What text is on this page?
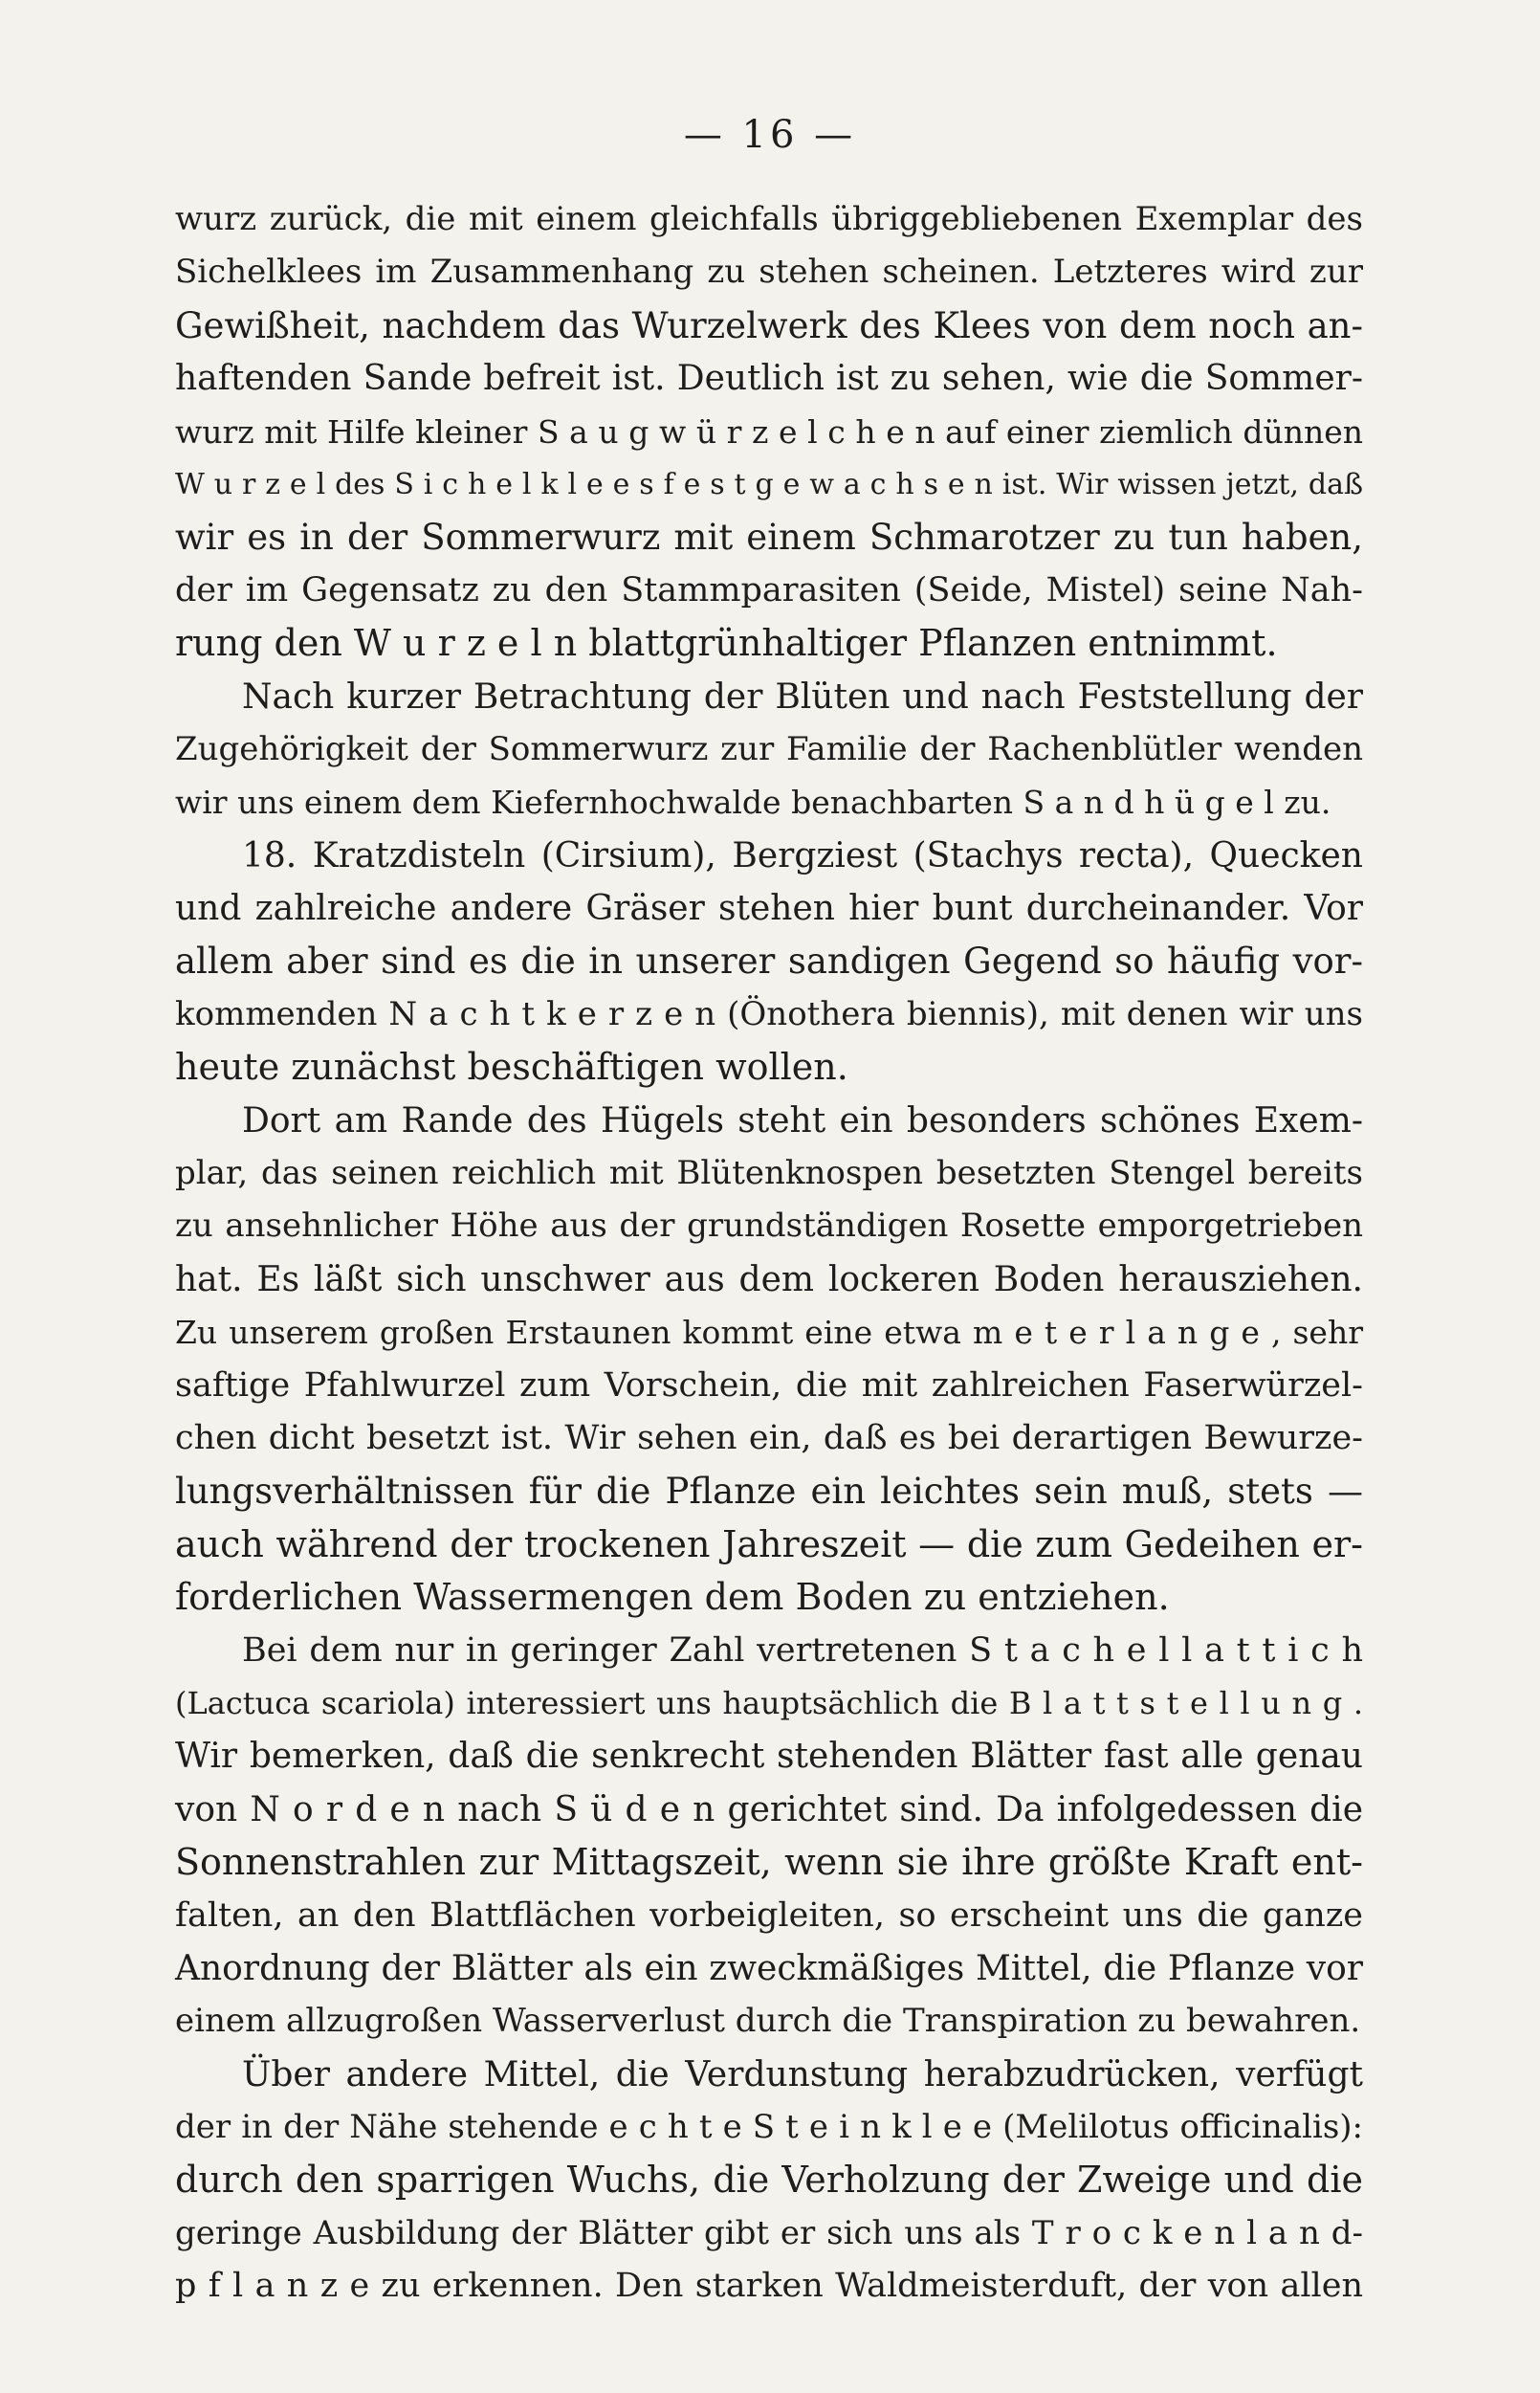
— 16 —
wurz zurück, die mit einem gleichfalls übriggebliebenen Exemplar des
Sichelklees im Zusammenhang zu stehen scheinen. Letzteres wird zur
Gewißheit, nachdem das Wurzelwerk des Klees von dem noch an-
haftenden Sande befreit ist. Deutlich ist zu sehen, wie die Sommer-
wurz mit Hilfe kleiner S a u g w ü r z e l c h e n auf einer ziemlich dünnen
W u r z e l des S i c h e l k l e e s f e s t g e w a c h s e n ist. Wir wissen jetzt, daß
wir es in der Sommerwurz mit einem Schmarotzer zu tun haben,
der im Gegensatz zu den Stammparasiten (Seide, Mistel) seine Nah-
rung den W u r z e l n blattgrünhaltiger Pflanzen entnimmt.
Nach kurzer Betrachtung der Blüten und nach Feststellung der
Zugehörigkeit der Sommerwurz zur Familie der Rachenblütler wenden
wir uns einem dem Kiefernhochwalde benachbarten S a n d h ü g e l zu.
18. Kratzdisteln (Cirsium), Bergziest (Stachys recta), Quecken
und zahlreiche andere Gräser stehen hier bunt durcheinander. Vor
allem aber sind es die in unserer sandigen Gegend so häufig vor-
kommenden N a c h t k e r z e n (Önothera biennis), mit denen wir uns
heute zunächst beschäftigen wollen.
Dort am Rande des Hügels steht ein besonders schönes Exem-
plar, das seinen reichlich mit Blütenknospen besetzten Stengel bereits
zu ansehnlicher Höhe aus der grundständigen Rosette emporgetrieben
hat. Es läßt sich unschwer aus dem lockeren Boden herausziehen.
Zu unserem großen Erstaunen kommt eine etwa m e t e r l a n g e , sehr
saftige Pfahlwurzel zum Vorschein, die mit zahlreichen Faserwürzel-
chen dicht besetzt ist. Wir sehen ein, daß es bei derartigen Bewurze-
lungsverhältnissen für die Pflanze ein leichtes sein muß, stets —
auch während der trockenen Jahreszeit — die zum Gedeihen er-
forderlichen Wassermengen dem Boden zu entziehen.
Bei dem nur in geringer Zahl vertretenen S t a c h e l l a t t i c h
(Lactuca scariola) interessiert uns hauptsächlich die B l a t t s t e l l u n g .
Wir bemerken, daß die senkrecht stehenden Blätter fast alle genau
von N o r d e n nach S ü d e n gerichtet sind. Da infolgedessen die
Sonnenstrahlen zur Mittagszeit, wenn sie ihre größte Kraft ent-
falten, an den Blattflächen vorbeigleiten, so erscheint uns die ganze
Anordnung der Blätter als ein zweckmäßiges Mittel, die Pflanze vor
einem allzugroßen Wasserverlust durch die Transpiration zu bewahren.
Über andere Mittel, die Verdunstung herabzudrücken, verfügt
der in der Nähe stehende e c h t e S t e i n k l e e (Melilotus officinalis):
durch den sparrigen Wuchs, die Verholzung der Zweige und die
geringe Ausbildung der Blätter gibt er sich uns als T r o c k e n l a n d-
p f l a n z e zu erkennen. Den starken Waldmeisterduft, der von allen
